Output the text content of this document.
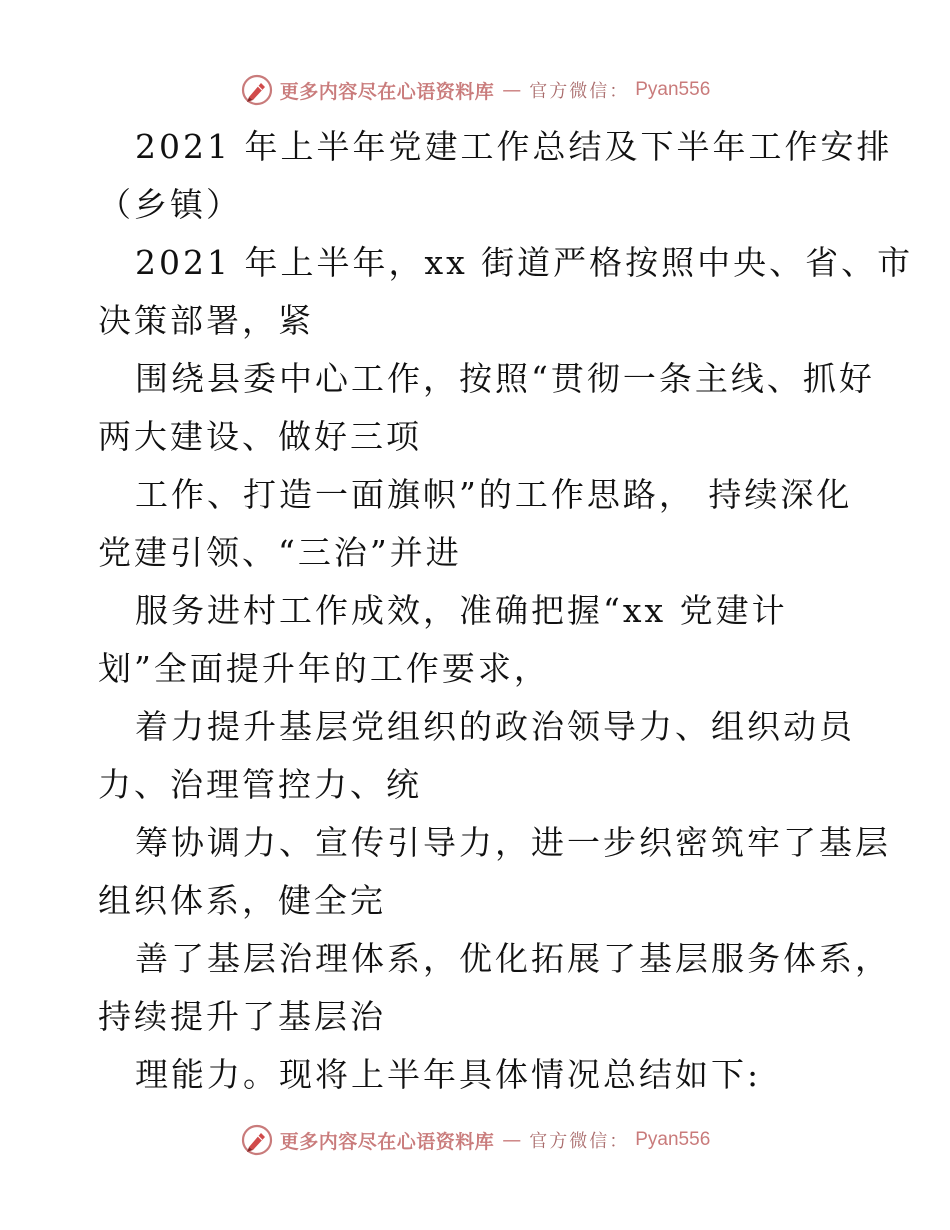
更多内容尽在心语资料库 — 官方微信： Pyan556
2021 年上半年党建工作总结及下半年工作安排
（乡镇）
2021 年上半年，xx 街道严格按照中央、省、市
决策部署，紧
围绕县委中心工作，按照“贯彻一条主线、抓好
两大建设、做好三项
工作、打造一面旗帜”的工作思路， 持续深化
党建引领、“三治”并进
服务进村工作成效，准确把握“xx 党建计
划”全面提升年的工作要求，
着力提升基层党组织的政治领导力、组织动员
力、治理管控力、统
筹协调力、宣传引导力，进一步织密筑牢了基层
组织体系，健全完
善了基层治理体系，优化拓展了基层服务体系，
持续提升了基层治
理能力。现将上半年具体情况总结如下:
更多内容尽在心语资料库 — 官方微信： Pyan556
